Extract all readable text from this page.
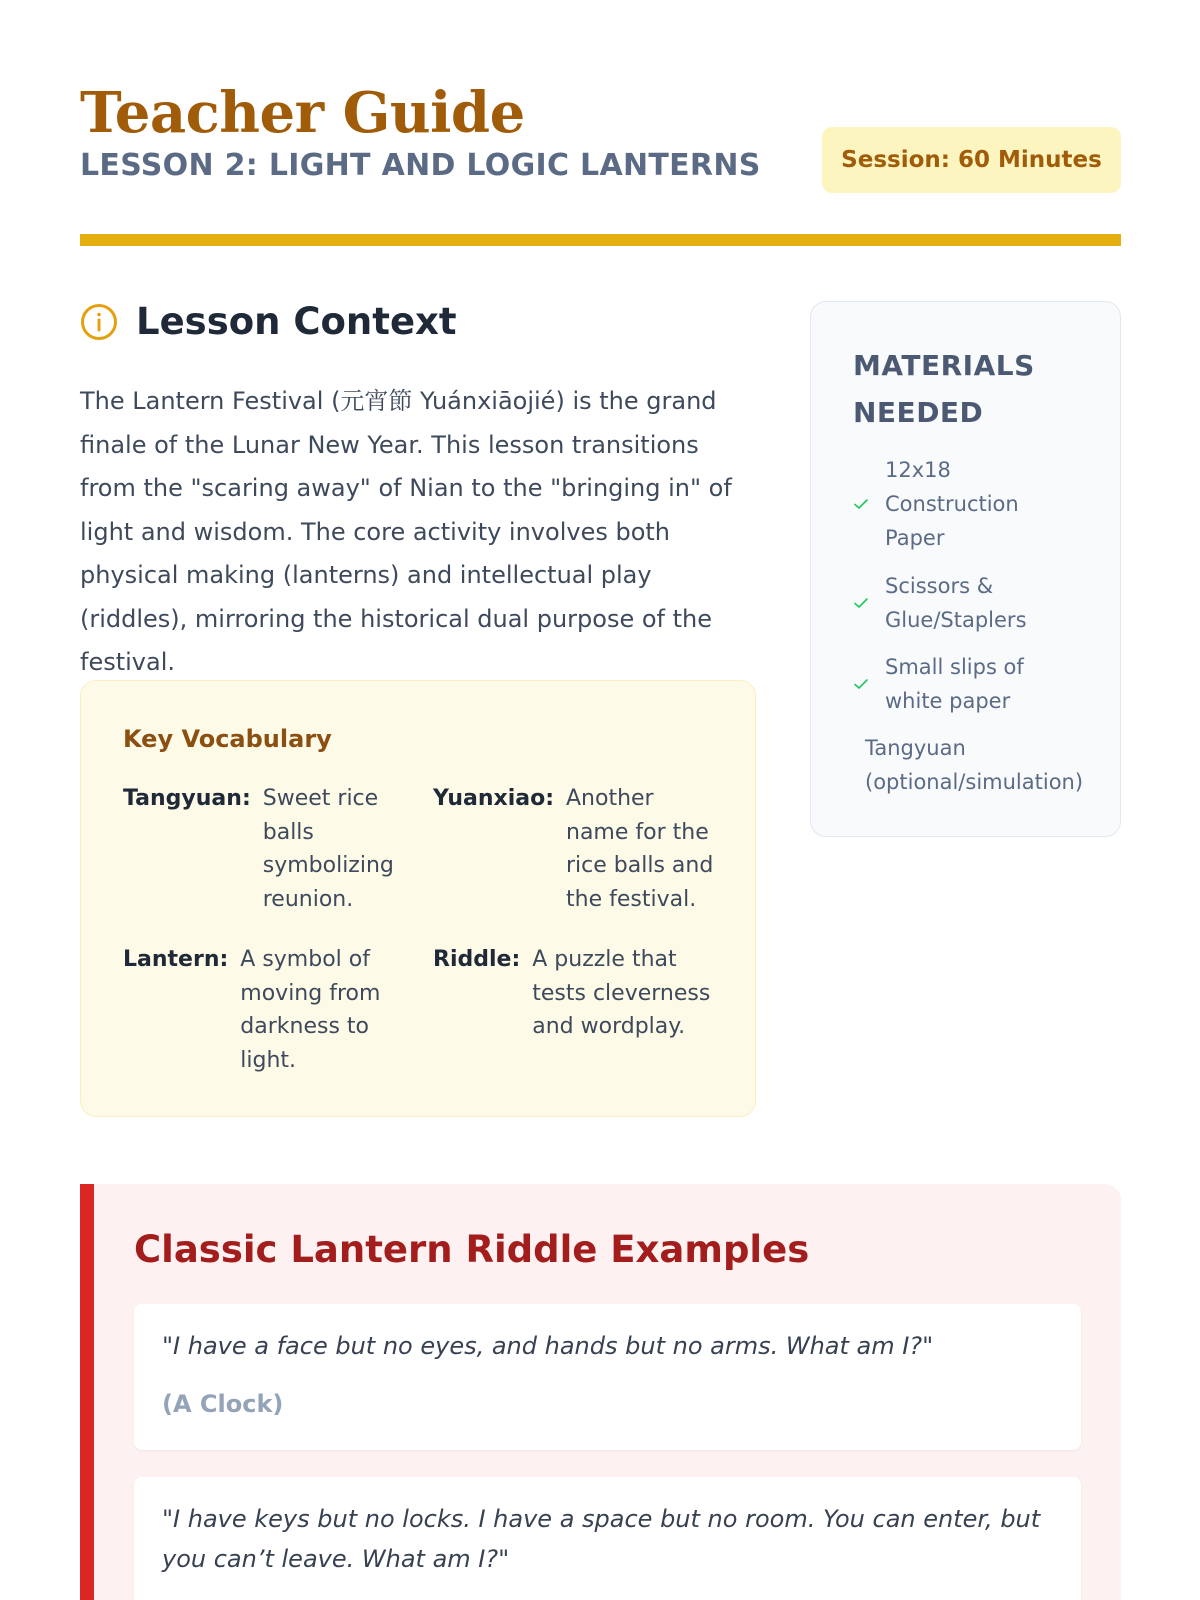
Teacher Guide
LESSON 2: LIGHT AND LOGIC LANTERNS	Session: 60 Minutes
Lesson Context

The Lantern Festival (元宵節 Yuánxiāojié) is the grand finale of the Lunar New Year. This lesson transitions from the "scaring away" of Nian to the "bringing in" of light and wisdom. The core activity involves both physical making (lanterns) and intellectual play (riddles), mirroring the historical dual purpose of the festival.

Key Vocabulary
Tangyuan: Sweet rice balls symbolizing reunion.
Yuanxiao: Another name for the rice balls and the festival.
Lantern: A symbol of moving from darkness to light.
Riddle: A puzzle that tests cleverness and wordplay.
MATERIALS NEEDED
12x18 Construction Paper
Scissors & Glue/Staplers
Small slips of white paper
Tangyuan (optional/simulation)
Classic Lantern Riddle Examples

"I have a face but no eyes, and hands but no arms. What am I?"

(A Clock)

"I have keys but no locks. I have a space but no room. You can enter, but you can’t leave. What am I?"
